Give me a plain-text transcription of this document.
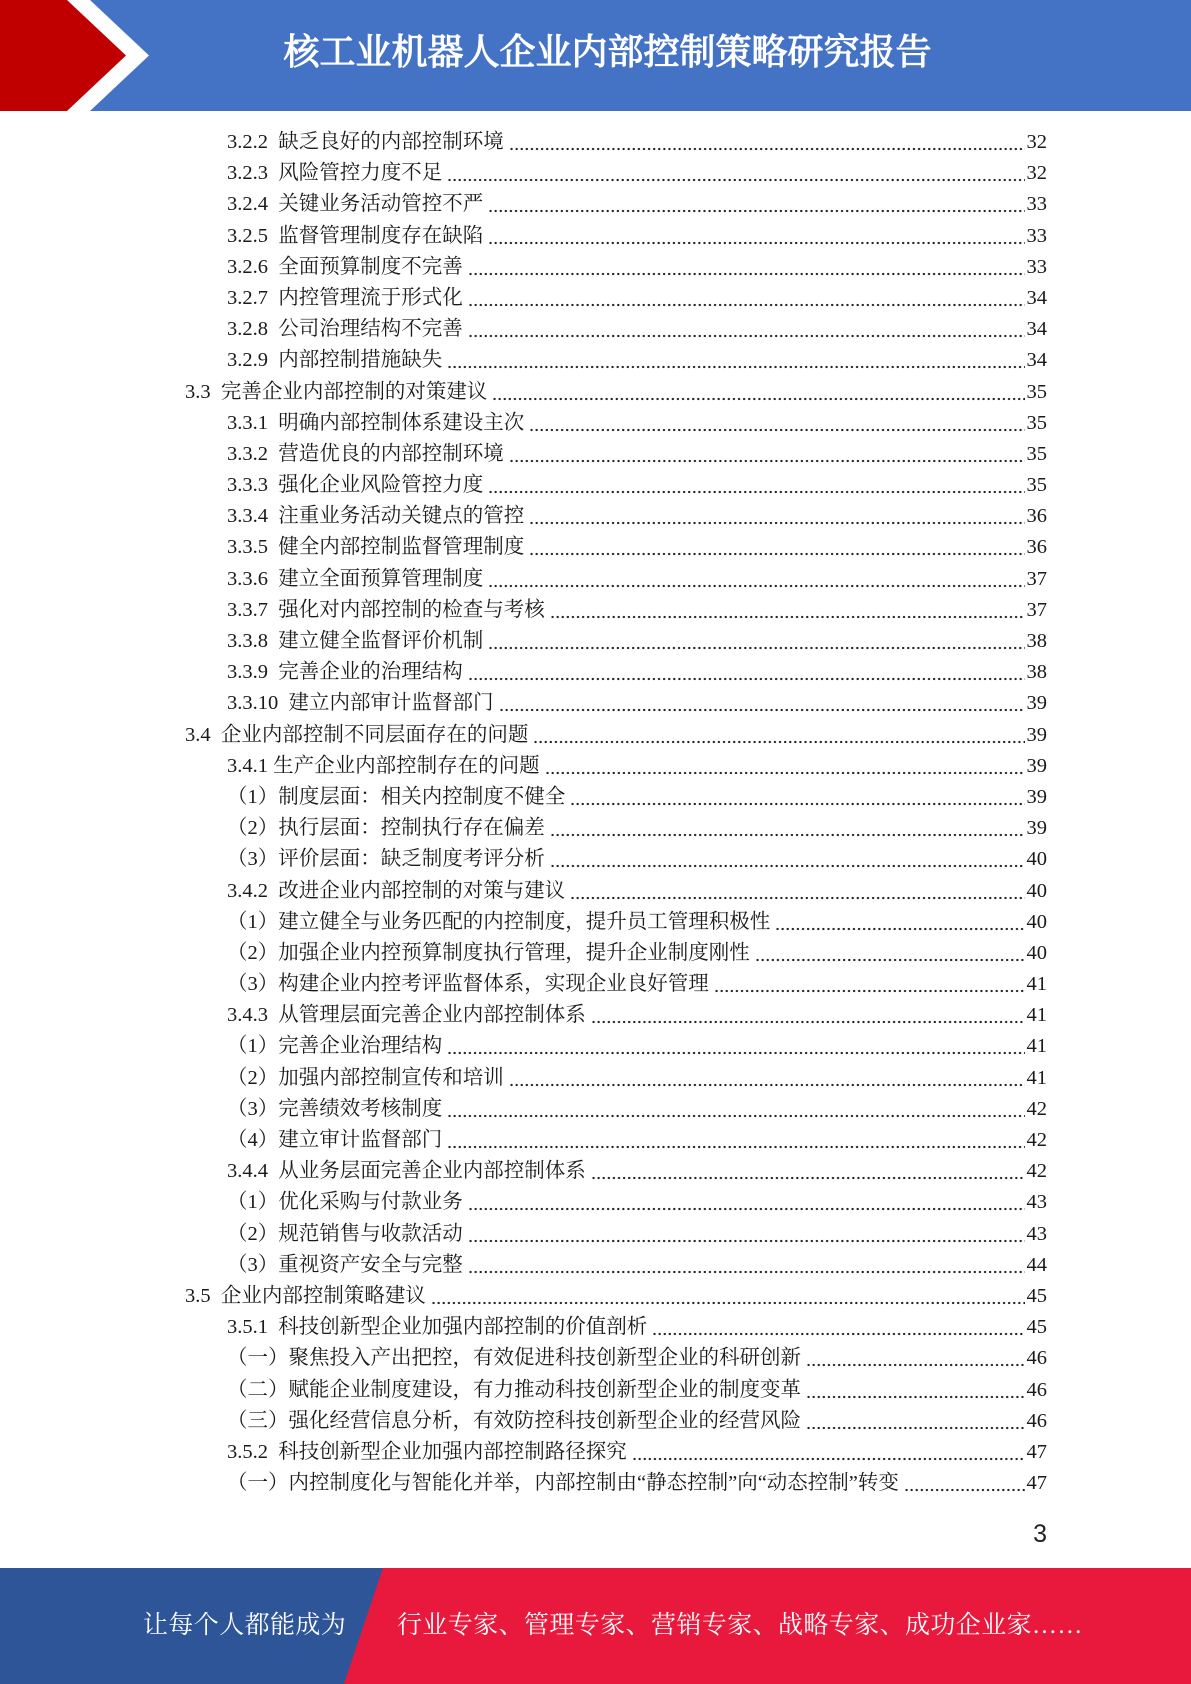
核工业机器人企业内部控制策略研究报告
3.2.2  缺乏良好的内部控制环境	32
3.2.3  风险管控力度不足	32
3.2.4  关键业务活动管控不严	33
3.2.5  监督管理制度存在缺陷	33
3.2.6  全面预算制度不完善	33
3.2.7  内控管理流于形式化	34
3.2.8  公司治理结构不完善	34
3.2.9  内部控制措施缺失	34
3.3  完善企业内部控制的对策建议	35
3.3.1  明确内部控制体系建设主次	35
3.3.2  营造优良的内部控制环境	35
3.3.3  强化企业风险管控力度	35
3.3.4  注重业务活动关键点的管控	36
3.3.5  健全内部控制监督管理制度	36
3.3.6  建立全面预算管理制度	37
3.3.7  强化对内部控制的检查与考核	37
3.3.8  建立健全监督评价机制	38
3.3.9  完善企业的治理结构	38
3.3.10  建立内部审计监督部门	39
3.4  企业内部控制不同层面存在的问题	39
3.4.1 生产企业内部控制存在的问题	39
（1）制度层面：相关内控制度不健全	39
（2）执行层面：控制执行存在偏差	39
（3）评价层面：缺乏制度考评分析	40
3.4.2  改进企业内部控制的对策与建议	40
（1）建立健全与业务匹配的内控制度，提升员工管理积极性	40
（2）加强企业内控预算制度执行管理，提升企业制度刚性	40
（3）构建企业内控考评监督体系，实现企业良好管理	41
3.4.3  从管理层面完善企业内部控制体系	41
（1）完善企业治理结构	41
（2）加强内部控制宣传和培训	41
（3）完善绩效考核制度	42
（4）建立审计监督部门	42
3.4.4  从业务层面完善企业内部控制体系	42
（1）优化采购与付款业务	43
（2）规范销售与收款活动	43
（3）重视资产安全与完整	44
3.5  企业内部控制策略建议	45
3.5.1  科技创新型企业加强内部控制的价值剖析	45
（一）聚焦投入产出把控，有效促进科技创新型企业的科研创新	46
（二）赋能企业制度建设，有力推动科技创新型企业的制度变革	46
（三）强化经营信息分析，有效防控科技创新型企业的经营风险	46
3.5.2  科技创新型企业加强内部控制路径探究	47
（一）内控制度化与智能化并举，内部控制由“静态控制”向“动态控制”转变	47
3
让每个人都能成为 行业专家、管理专家、营销专家、战略专家、成功企业家……
